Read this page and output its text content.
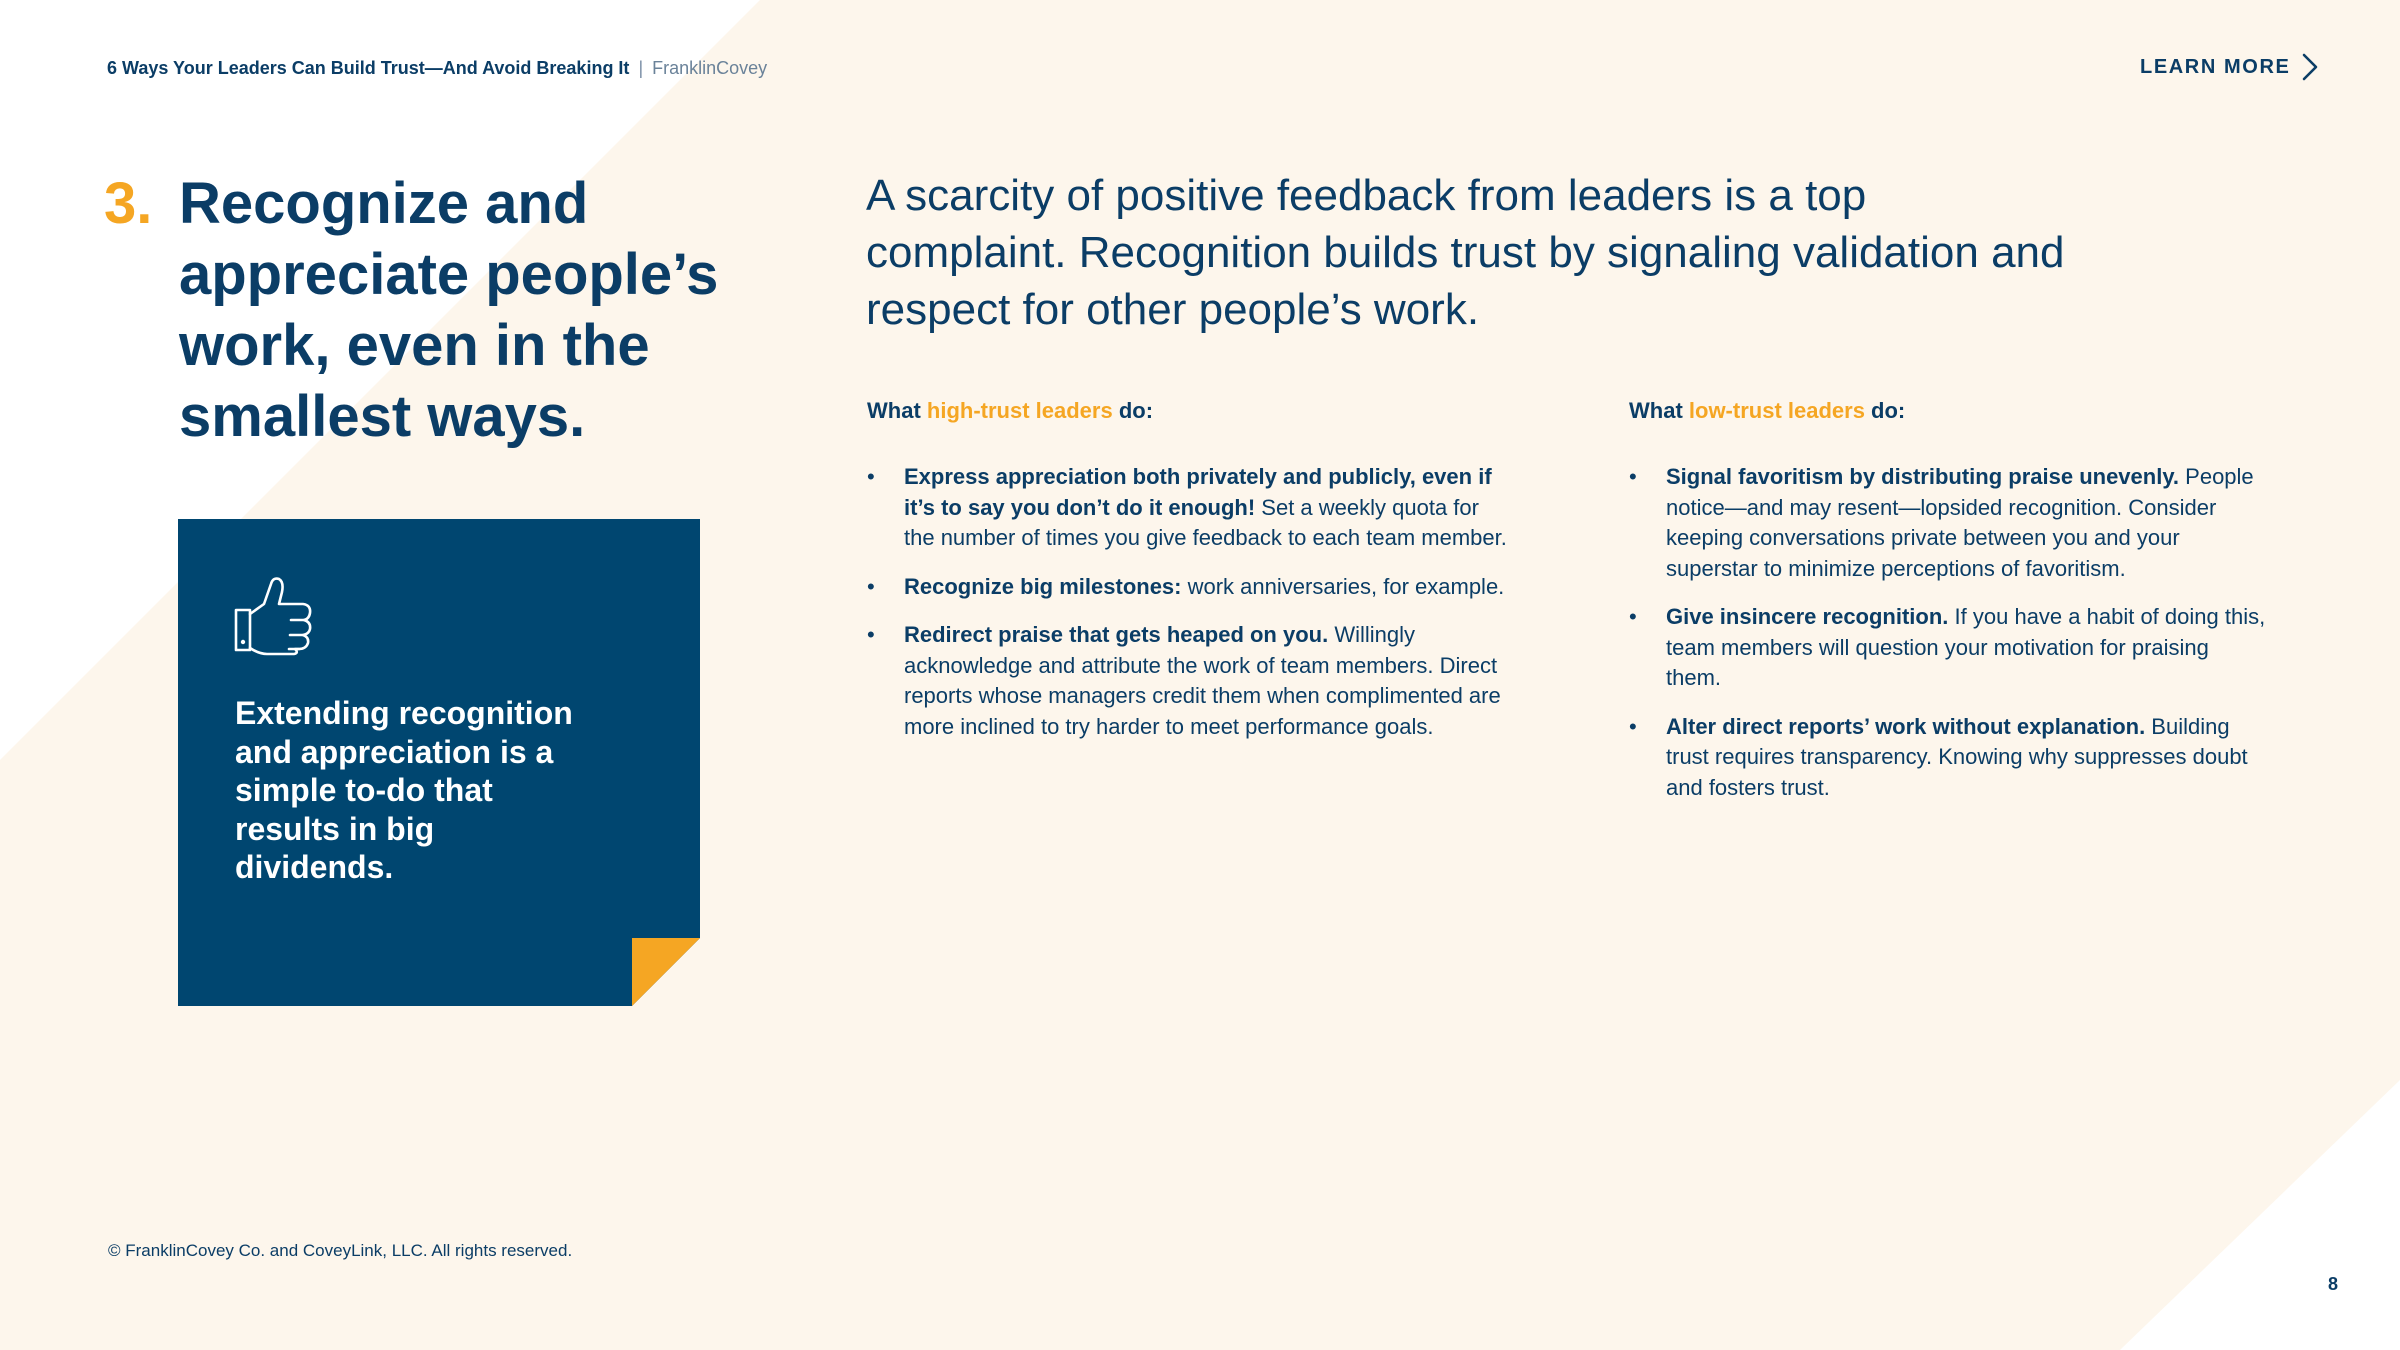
6 Ways Your Leaders Can Build Trust—And Avoid Breaking It | FranklinCovey	LEARN MORE
3. Recognize and appreciate people’s work, even in the smallest ways.

Extending recognition and appreciation is a simple to-do that results in big dividends.

A scarcity of positive feedback from leaders is a top complaint. Recognition builds trust by signaling validation and respect for other people’s work.

What high-trust leaders do:
• Express appreciation both privately and publicly, even if it’s to say you don’t do it enough! Set a weekly quota for the number of times you give feedback to each team member.
• Recognize big milestones: work anniversaries, for example.
• Redirect praise that gets heaped on you. Willingly acknowledge and attribute the work of team members. Direct reports whose managers credit them when complimented are more inclined to try harder to meet performance goals.
What low-trust leaders do:
• Signal favoritism by distributing praise unevenly. People notice—and may resent—lopsided recognition. Consider keeping conversations private between you and your superstar to minimize perceptions of favoritism.
• Give insincere recognition. If you have a habit of doing this, team members will question your motivation for praising them.
• Alter direct reports’ work without explanation. Building trust requires transparency. Knowing why suppresses doubt and fosters trust.
© FranklinCovey Co. and CoveyLink, LLC. All rights reserved.
8
